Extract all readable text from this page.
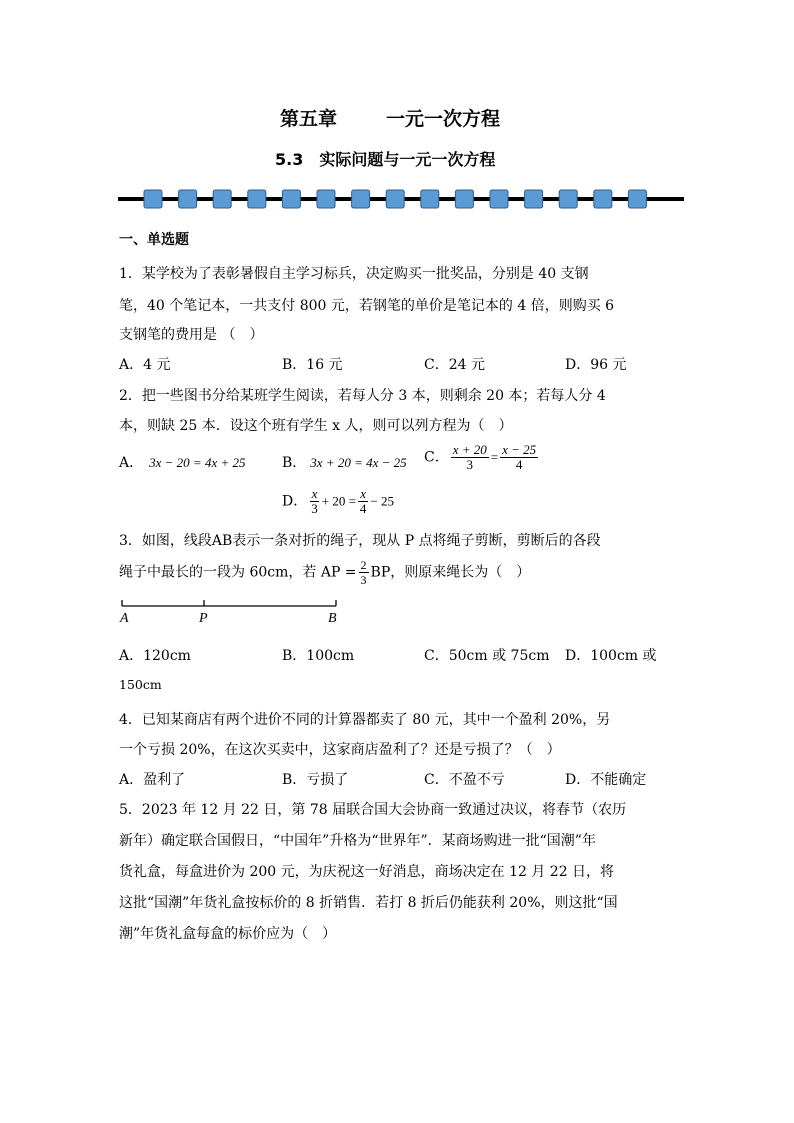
第五章	一元一次方程
5.3　实际问题与一元一次方程
一、单选题
1．某学校为了表彰暑假自主学习标兵，决定购买一批奖品，分别是 40 支钢
笔，40 个笔记本，一共支付 800 元，若钢笔的单价是笔记本的 4 倍，则购买 6
支钢笔的费用是 （　）
A．4 元	B．16 元	C．24 元	D．96 元
2．把一些图书分给某班学生阅读，若每人分 3 本，则剩余 20 本；若每人分 4
本，则缺 25 本．设这个班有学生 x 人，则可以列方程为（　）
A． 3x − 20 = 4x + 25	B． 3x + 20 = 4x − 25 C． $\frac{x + 20}{3} = \frac{x - 25}{4}$
D． $\frac{x}{3} + 20 = \frac{x}{4} - 25$
3．如图，线段AB表示一条对折的绳子，现从 P 点将绳子剪断，剪断后的各段
绳子中最长的一段为 60cm，若 AP = $\frac{2}{3}$ BP，则原来绳长为（　）
A	P	B
A．120cm	B．100cm	C．50cm 或 75cm D．100cm 或
150cm
4．已知某商店有两个进价不同的计算器都卖了 80 元，其中一个盈利 20%，另
一个亏损 20%，在这次买卖中，这家商店盈利了？还是亏损了？（　）
A．盈利了	B．亏损了	C．不盈不亏	D．不能确定
5．2023 年 12 月 22 日，第 78 届联合国大会协商一致通过决议，将春节（农历
新年）确定联合国假日，“中国年”升格为“世界年”．某商场购进一批“国潮”年
货礼盒，每盒进价为 200 元，为庆祝这一好消息，商场决定在 12 月 22 日，将
这批“国潮”年货礼盒按标价的 8 折销售．若打 8 折后仍能获利 20%，则这批“国
潮”年货礼盒每盒的标价应为（　）
